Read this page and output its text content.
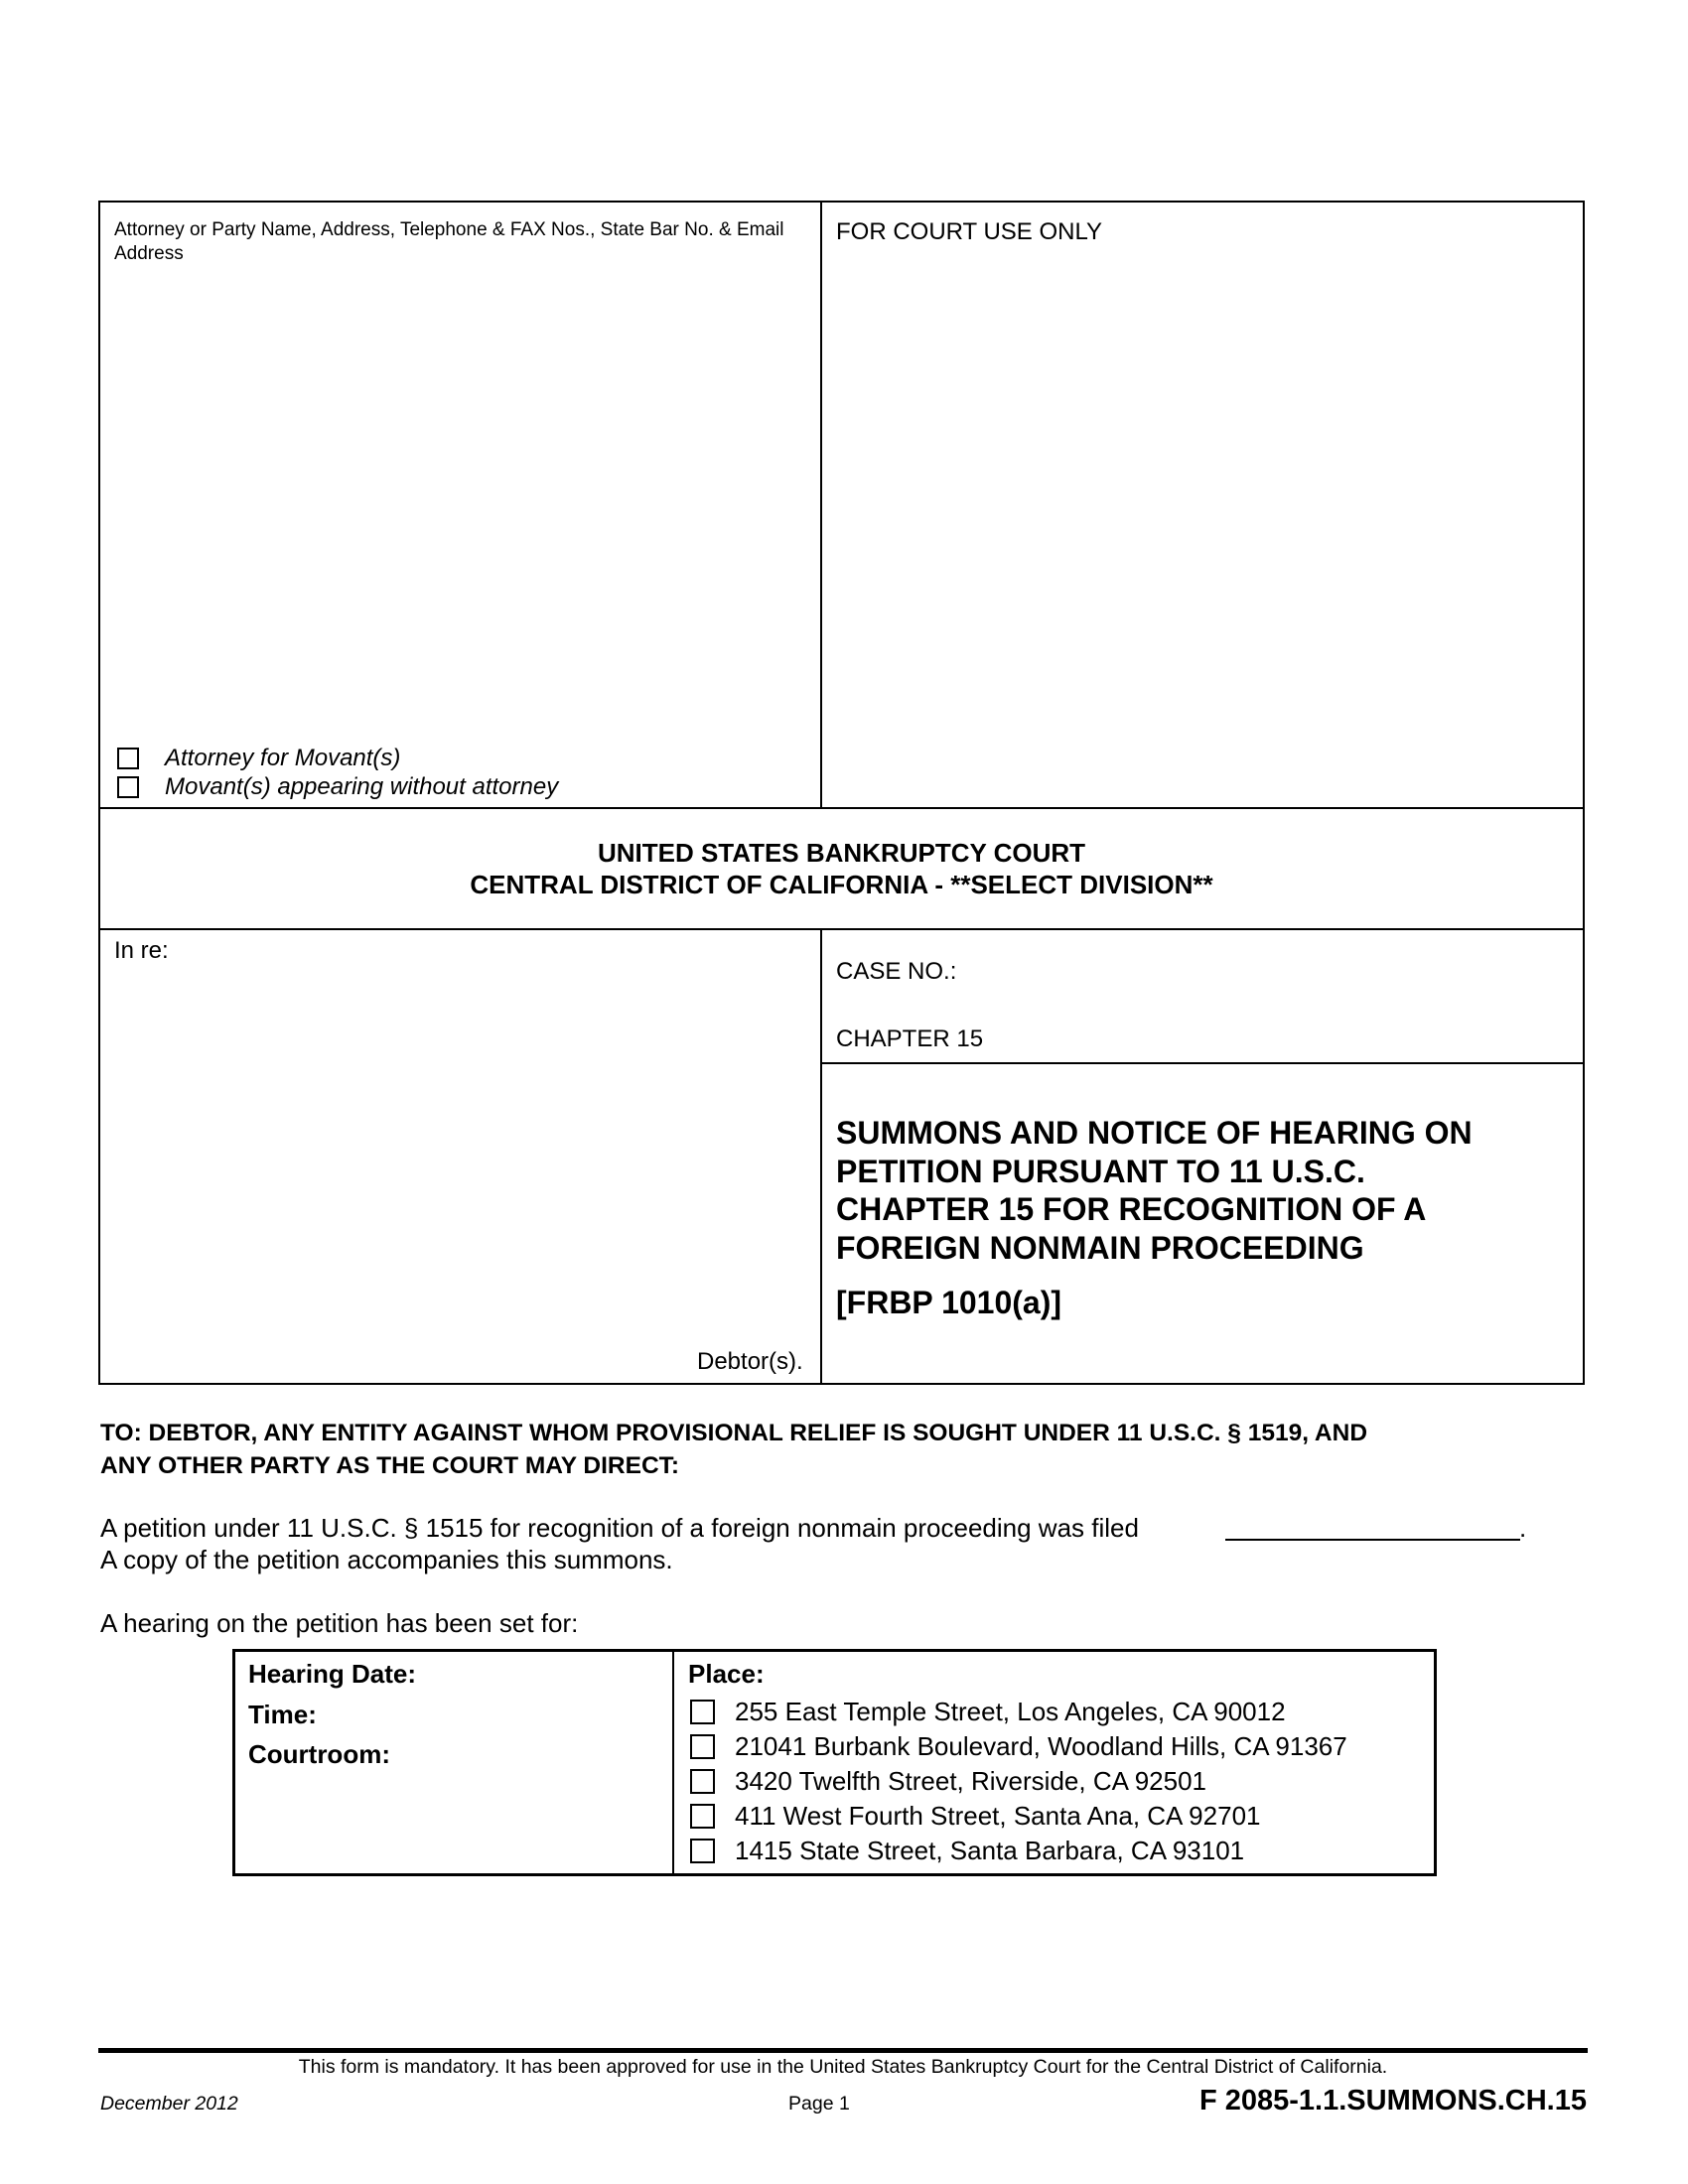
Attorney or Party Name, Address, Telephone & FAX Nos., State Bar No. & Email Address
FOR COURT USE ONLY
Attorney for Movant(s)
Movant(s) appearing without attorney
UNITED STATES BANKRUPTCY COURT
CENTRAL DISTRICT OF CALIFORNIA - **SELECT DIVISION**
In re:
Debtor(s).
CASE NO.:
CHAPTER 15
SUMMONS AND NOTICE OF HEARING ON
PETITION PURSUANT TO 11 U.S.C.
CHAPTER 15 FOR RECOGNITION OF A
FOREIGN NONMAIN PROCEEDING
[FRBP 1010(a)]
TO: DEBTOR, ANY ENTITY AGAINST WHOM PROVISIONAL RELIEF IS SOUGHT UNDER 11 U.S.C. § 1519, AND
ANY OTHER PARTY AS THE COURT MAY DIRECT:
A petition under 11 U.S.C. § 1515 for recognition of a foreign nonmain proceeding was filed	.
A copy of the petition accompanies this summons.
A hearing on the petition has been set for:
Hearing Date:
Time:
Courtroom:
Place:
255 East Temple Street, Los Angeles, CA 90012
21041 Burbank Boulevard, Woodland Hills, CA 91367
3420 Twelfth Street, Riverside, CA 92501
411 West Fourth Street, Santa Ana, CA 92701
1415 State Street, Santa Barbara, CA 93101
This form is mandatory. It has been approved for use in the United States Bankruptcy Court for the Central District of California.
December 2012	Page 1	F 2085-1.1.SUMMONS.CH.15
